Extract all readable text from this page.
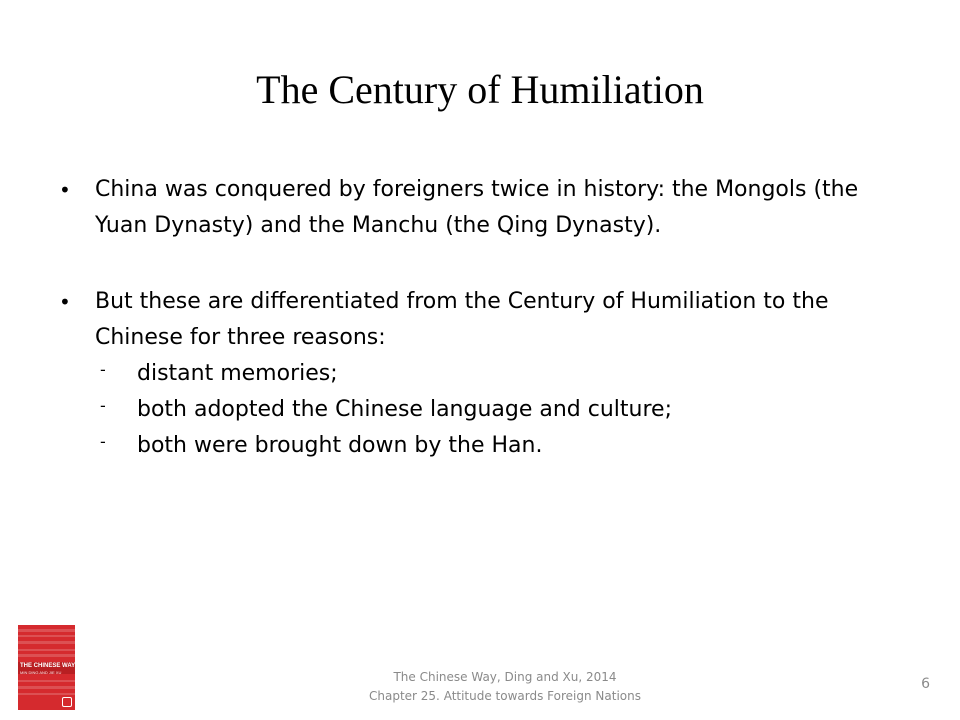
The Century of Humiliation
•	China was conquered by foreigners twice in history: the Mongols (the Yuan Dynasty) and the Manchu (the Qing Dynasty).
•	But these are differentiated from the Century of Humiliation to the Chinese for three reasons:
- distant memories;
- both adopted the Chinese language and culture;
- both were brought down by the Han.
THE CHINESE WAY
MIN DING AND JIE XU	The Chinese Way, Ding and Xu, 2014
Chapter 25. Attitude towards Foreign Nations
6
